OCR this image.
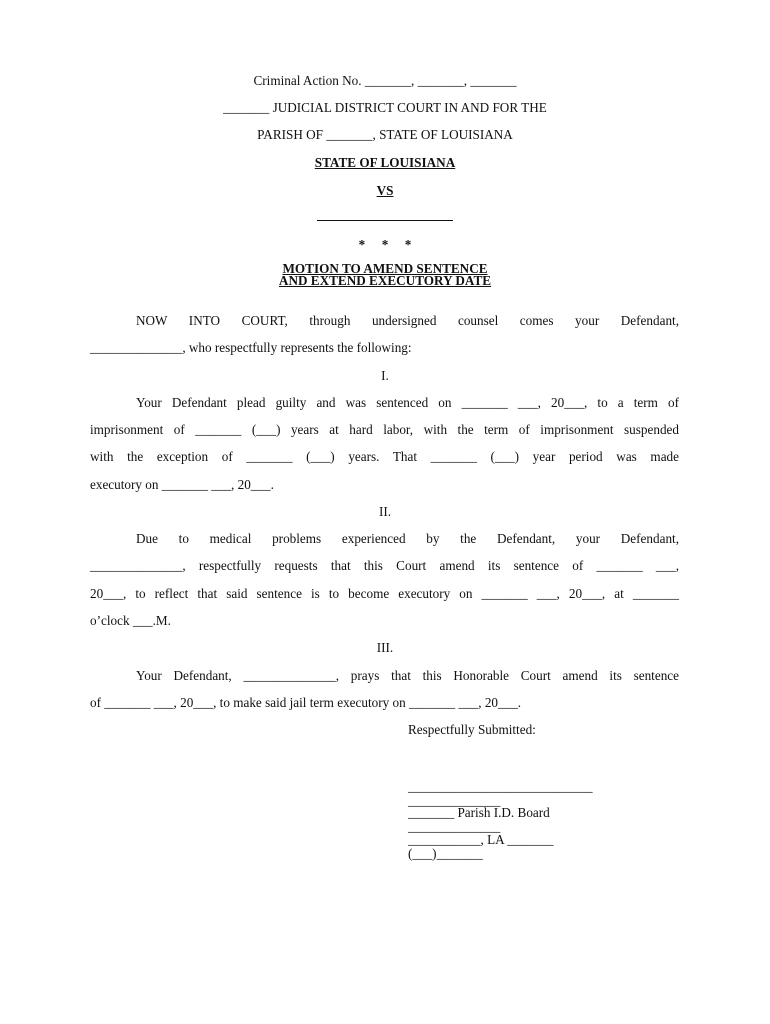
Criminal Action No. _______, _______, _______
_______ JUDICIAL DISTRICT COURT IN AND FOR THE
PARISH OF _______, STATE OF LOUISIANA
STATE OF LOUISIANA
VS
*     *     *
MOTION TO AMEND SENTENCE
AND EXTEND EXECUTORY DATE
NOW INTO COURT, through undersigned counsel comes your Defendant,
______________, who respectfully represents the following:
I.
Your Defendant plead guilty and was sentenced on _______ ___, 20___, to a term of
imprisonment of _______ (___) years at hard labor, with the term of imprisonment suspended
with the exception of _______ (___) years. That _______ (___) year period was made
executory on _______ ___, 20___.
II.
Due to medical problems experienced by the Defendant, your Defendant,
______________, respectfully requests that this Court amend its sentence of _______ ___,
20___, to reflect that said sentence is to become executory on _______ ___, 20___, at _______
o’clock ___.M.
III.
Your Defendant, ______________, prays that this Honorable Court amend its sentence
of _______ ___, 20___, to make said jail term executory on _______ ___, 20___.
Respectfully Submitted:
____________________________
______________
_______ Parish I.D. Board
______________
___________, LA _______
(___)_______
